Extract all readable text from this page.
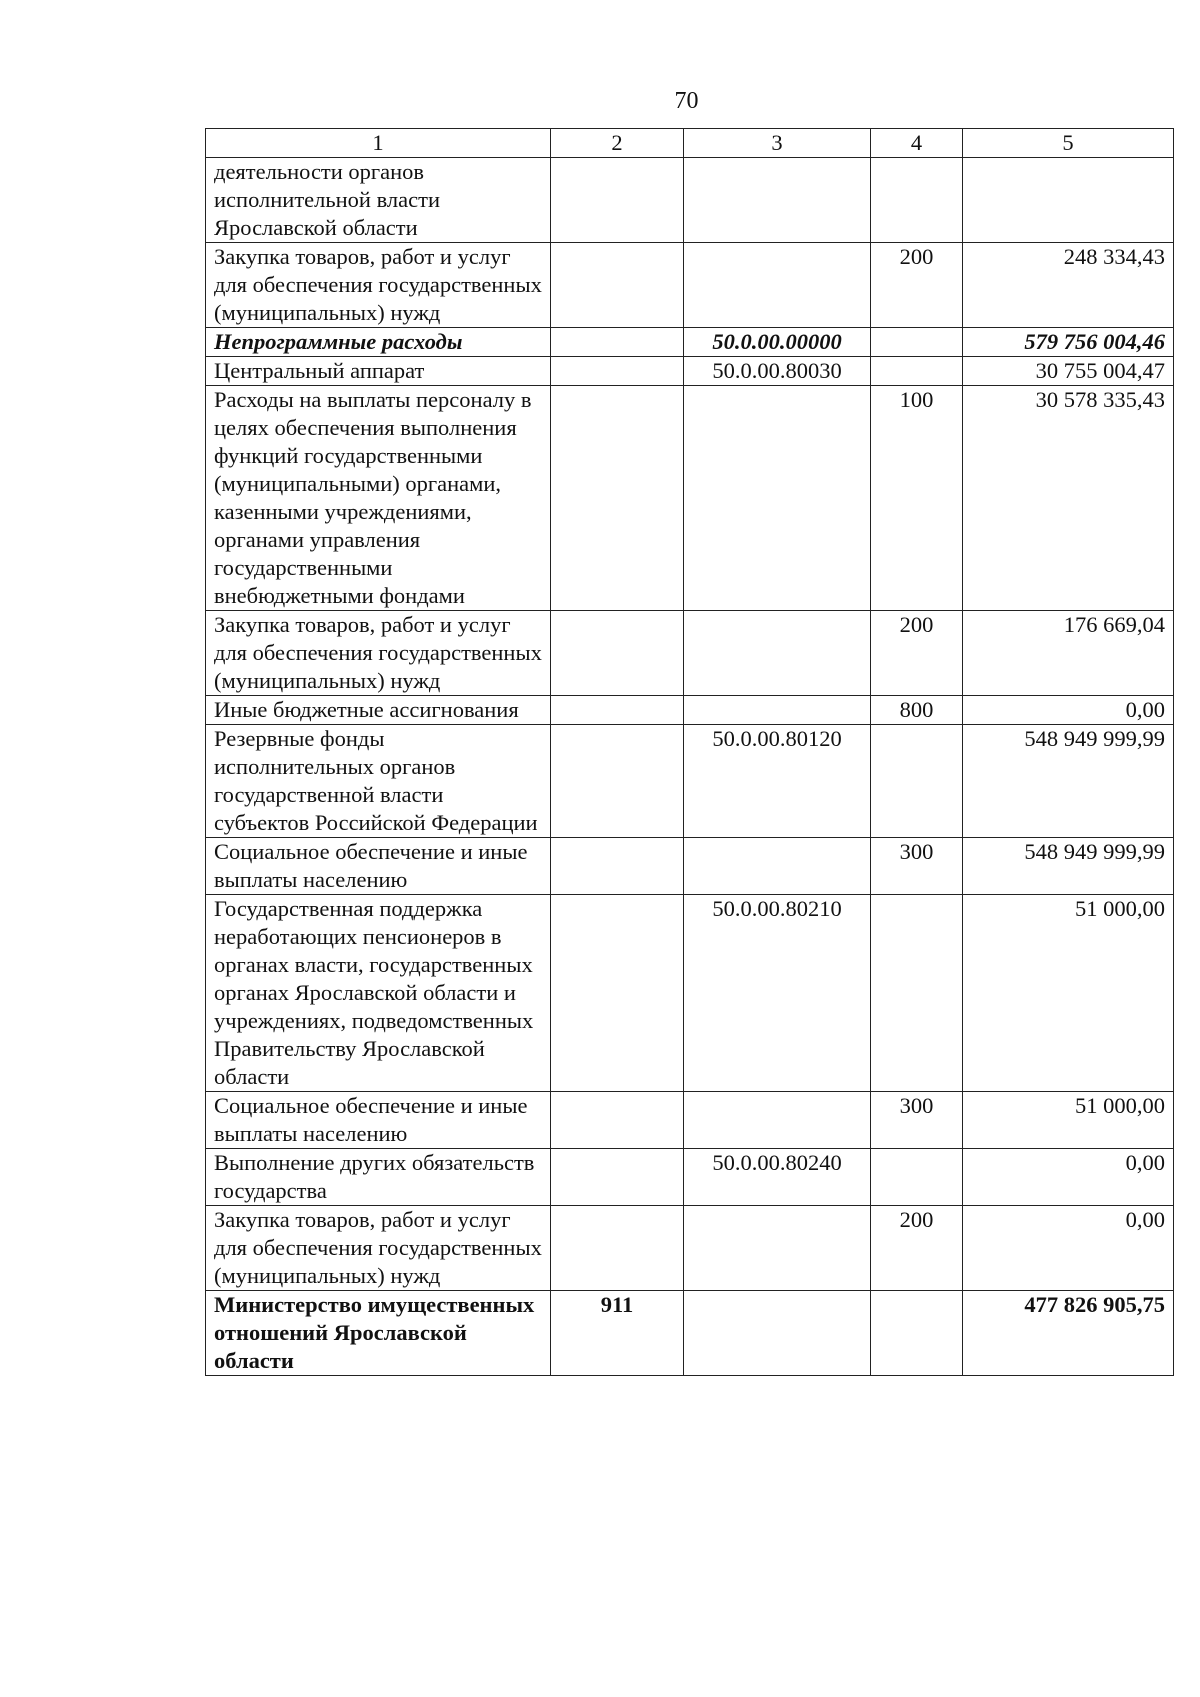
70
1	2	3	4	5
деятельности органов исполнительной власти Ярославской области				
Закупка товаров, работ и услуг для обеспечения государственных (муниципальных) нужд			200	248 334,43
Непрограммные расходы		50.0.00.00000		579 756 004,46
Центральный аппарат		50.0.00.80030		30 755 004,47
Расходы на выплаты персоналу в целях обеспечения выполнения функций государственными (муниципальными) органами, казенными учреждениями, органами управления государственными внебюджетными фондами			100	30 578 335,43
Закупка товаров, работ и услуг для обеспечения государственных (муниципальных) нужд			200	176 669,04
Иные бюджетные ассигнования			800	0,00
Резервные фонды исполнительных органов государственной власти субъектов Российской Федерации		50.0.00.80120		548 949 999,99
Социальное обеспечение и иные выплаты населению			300	548 949 999,99
Государственная поддержка неработающих пенсионеров в органах власти, государственных органах Ярославской области и учреждениях, подведомственных Правительству Ярославской области		50.0.00.80210		51 000,00
Социальное обеспечение и иные выплаты населению			300	51 000,00
Выполнение других обязательств государства		50.0.00.80240		0,00
Закупка товаров, работ и услуг для обеспечения государственных (муниципальных) нужд			200	0,00
Министерство имущественных отношений Ярославской области	911			477 826 905,75
